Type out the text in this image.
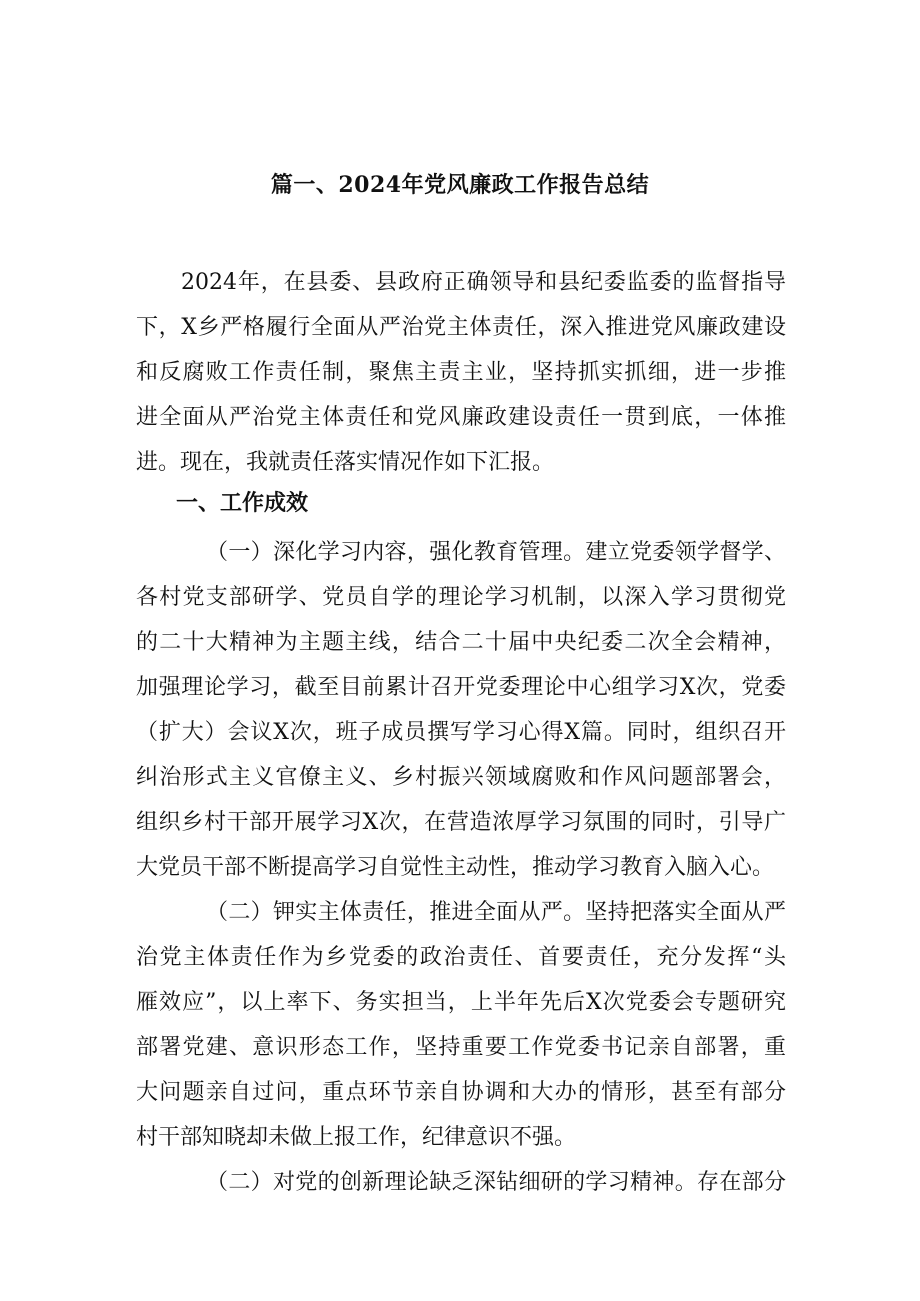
篇一、2024年党风廉政工作报告总结
2024年，在县委、县政府正确领导和县纪委监委的监督指导
下，X乡严格履行全面从严治党主体责任，深入推进党风廉政建设
和反腐败工作责任制，聚焦主责主业，坚持抓实抓细，进一步推
进全面从严治党主体责任和党风廉政建设责任一贯到底，一体推
进。现在，我就责任落实情况作如下汇报。
一、工作成效
（一）深化学习内容，强化教育管理。建立党委领学督学、
各村党支部研学、党员自学的理论学习机制，以深入学习贯彻党
的二十大精神为主题主线，结合二十届中央纪委二次全会精神，
加强理论学习，截至目前累计召开党委理论中心组学习X次，党委
（扩大）会议X次，班子成员撰写学习心得X篇。同时，组织召开
纠治形式主义官僚主义、乡村振兴领域腐败和作风问题部署会，
组织乡村干部开展学习X次，在营造浓厚学习氛围的同时，引导广
大党员干部不断提高学习自觉性主动性，推动学习教育入脑入心。
（二）钾实主体责任，推进全面从严。坚持把落实全面从严
治党主体责任作为乡党委的政治责任、首要责任，充分发挥“头
雁效应”，以上率下、务实担当，上半年先后X次党委会专题研究
部署党建、意识形态工作，坚持重要工作党委书记亲自部署，重
大问题亲自过问，重点环节亲自协调和大办的情形，甚至有部分
村干部知晓却未做上报工作，纪律意识不强。
（二）对党的创新理论缺乏深钻细研的学习精神。存在部分
